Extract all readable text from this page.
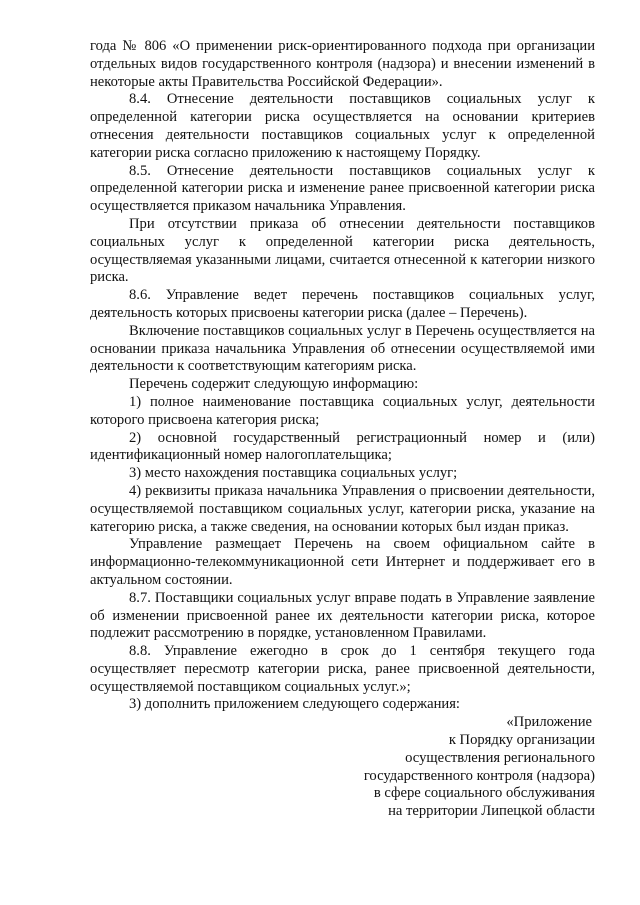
года № 806 «О применении риск-ориентированного подхода при организации отдельных видов государственного контроля (надзора) и внесении изменений в некоторые акты Правительства Российской Федерации».

8.4. Отнесение деятельности поставщиков социальных услуг к определенной категории риска осуществляется на основании критериев отнесения деятельности поставщиков социальных услуг к определенной категории риска согласно приложению к настоящему Порядку.

8.5. Отнесение деятельности поставщиков социальных услуг к определенной категории риска и изменение ранее присвоенной категории риска осуществляется приказом начальника Управления.

При отсутствии приказа об отнесении деятельности поставщиков социальных услуг к определенной категории риска деятельность, осуществляемая указанными лицами, считается отнесенной к категории низкого риска.

8.6. Управление ведет перечень поставщиков социальных услуг, деятельность которых присвоены категории риска (далее – Перечень).

Включение поставщиков социальных услуг в Перечень осуществляется на основании приказа начальника Управления об отнесении осуществляемой ими деятельности к соответствующим категориям риска.

Перечень содержит следующую информацию:

1) полное наименование поставщика социальных услуг, деятельности которого присвоена категория риска;

2) основной государственный регистрационный номер и (или) идентификационный номер налогоплательщика;

3) место нахождения поставщика социальных услуг;

4) реквизиты приказа начальника Управления о присвоении деятельности, осуществляемой поставщиком социальных услуг, категории риска, указание на категорию риска, а также сведения, на основании которых был издан приказ.

Управление размещает Перечень на своем официальном сайте в информационно-телекоммуникационной сети Интернет и поддерживает его в актуальном состоянии.

8.7. Поставщики социальных услуг вправе подать в Управление заявление об изменении присвоенной ранее их деятельности категории риска, которое подлежит рассмотрению в порядке, установленном Правилами.

8.8. Управление ежегодно в срок до 1 сентября текущего года осуществляет пересмотр категории риска, ранее присвоенной деятельности, осуществляемой поставщиком социальных услуг.»;

3) дополнить приложением следующего содержания:

«Приложение
к Порядку организации
осуществления регионального
государственного контроля (надзора)
в сфере социального обслуживания
на территории Липецкой области
